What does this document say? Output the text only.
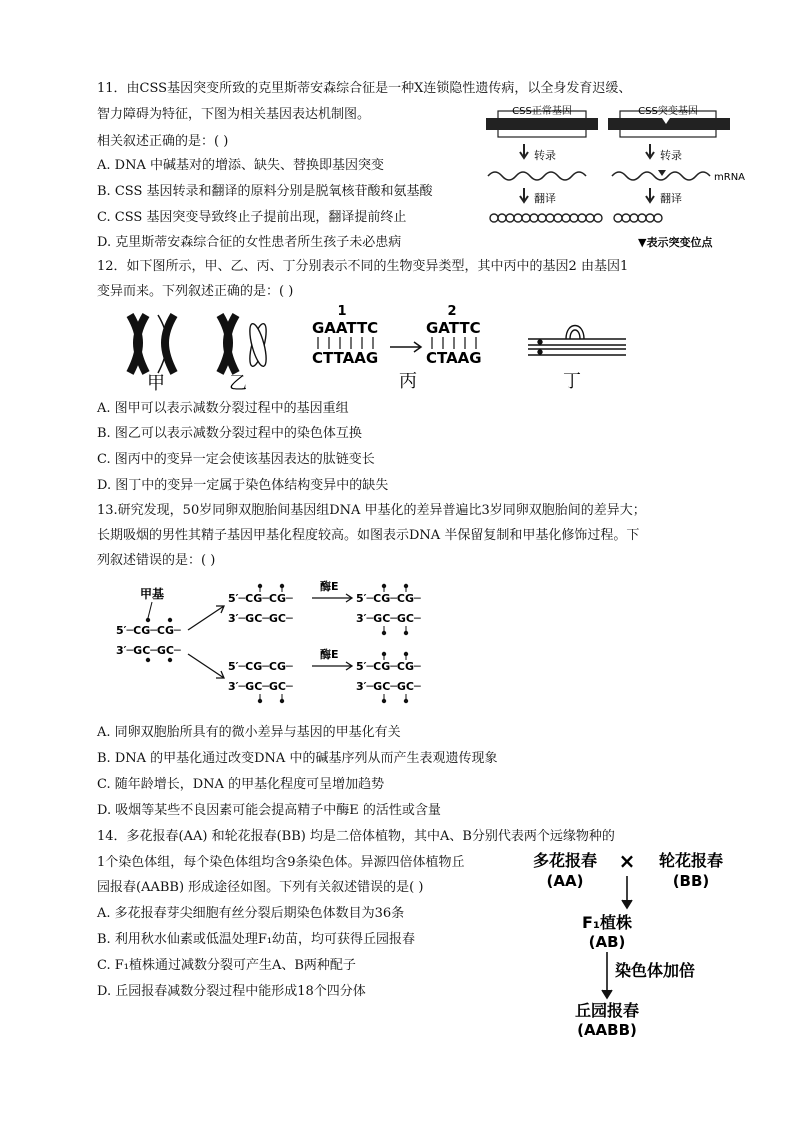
11．由CSS基因突变所致的克里斯蒂安森综合征是一种X连锁隐性遗传病，以全身发育迟缓、
智力障碍为特征，下图为相关基因表达机制图。
相关叙述正确的是：( )
A. DNA 中碱基对的增添、缺失、替换即基因突变
B. CSS 基因转录和翻译的原料分别是脱氧核苷酸和氨基酸
C. CSS 基因突变导致终止子提前出现，翻译提前终止
D. 克里斯蒂安森综合征的女性患者所生孩子未必患病
CSS正常基因	CSS突变基因
转录	转录
mRNA
翻译	翻译
▼表示突变位点
12．如下图所示，甲、乙、丙、丁分别表示不同的生物变异类型，其中丙中的基因2 由基因1
变异而来。下列叙述正确的是：( )
甲	乙
1
GAATTC
CTTAAG
2
GATTC
CTAAG
丙	丁
A. 图甲可以表示减数分裂过程中的基因重组
B. 图乙可以表示减数分裂过程中的染色体互换
C. 图丙中的变异一定会使该基因表达的肽链变长
D. 图丁中的变异一定属于染色体结构变异中的缺失
13.研究发现，50岁同卵双胞胎间基因组DNA 甲基化的差异普遍比3岁同卵双胞胎间的差异大；
长期吸烟的男性其精子基因甲基化程度较高。如图表示DNA 半保留复制和甲基化修饰过程。下
列叙述错误的是：( )
甲基
5′─CG─CG─
3′─GC─GC─
5′─CG─CG─
3′─GC─GC─
酶E
5′─CG─CG─
3′─GC─GC─
5′─CG─CG─
3′─GC─GC─
酶E
5′─CG─CG─
3′─GC─GC─
A. 同卵双胞胎所具有的微小差异与基因的甲基化有关
B. DNA 的甲基化通过改变DNA 中的碱基序列从而产生表观遗传现象
C. 随年龄增长，DNA 的甲基化程度可呈增加趋势
D. 吸烟等某些不良因素可能会提高精子中酶E 的活性或含量
14．多花报春(AA) 和轮花报春(BB) 均是二倍体植物，其中A、B分别代表两个远缘物种的
1个染色体组，每个染色体组均含9条染色体。异源四倍体植物丘
园报春(AABB) 形成途径如图。下列有关叙述错误的是( )
A. 多花报春芽尖细胞有丝分裂后期染色体数目为36条
B. 利用秋水仙素或低温处理F₁幼苗，均可获得丘园报春
C. F₁植株通过减数分裂可产生A、B两种配子
D. 丘园报春减数分裂过程中能形成18个四分体
多花报春
(AA)
× 轮花报春
(BB)
F₁植株
(AB)
染色体加倍
丘园报春
(AABB)
